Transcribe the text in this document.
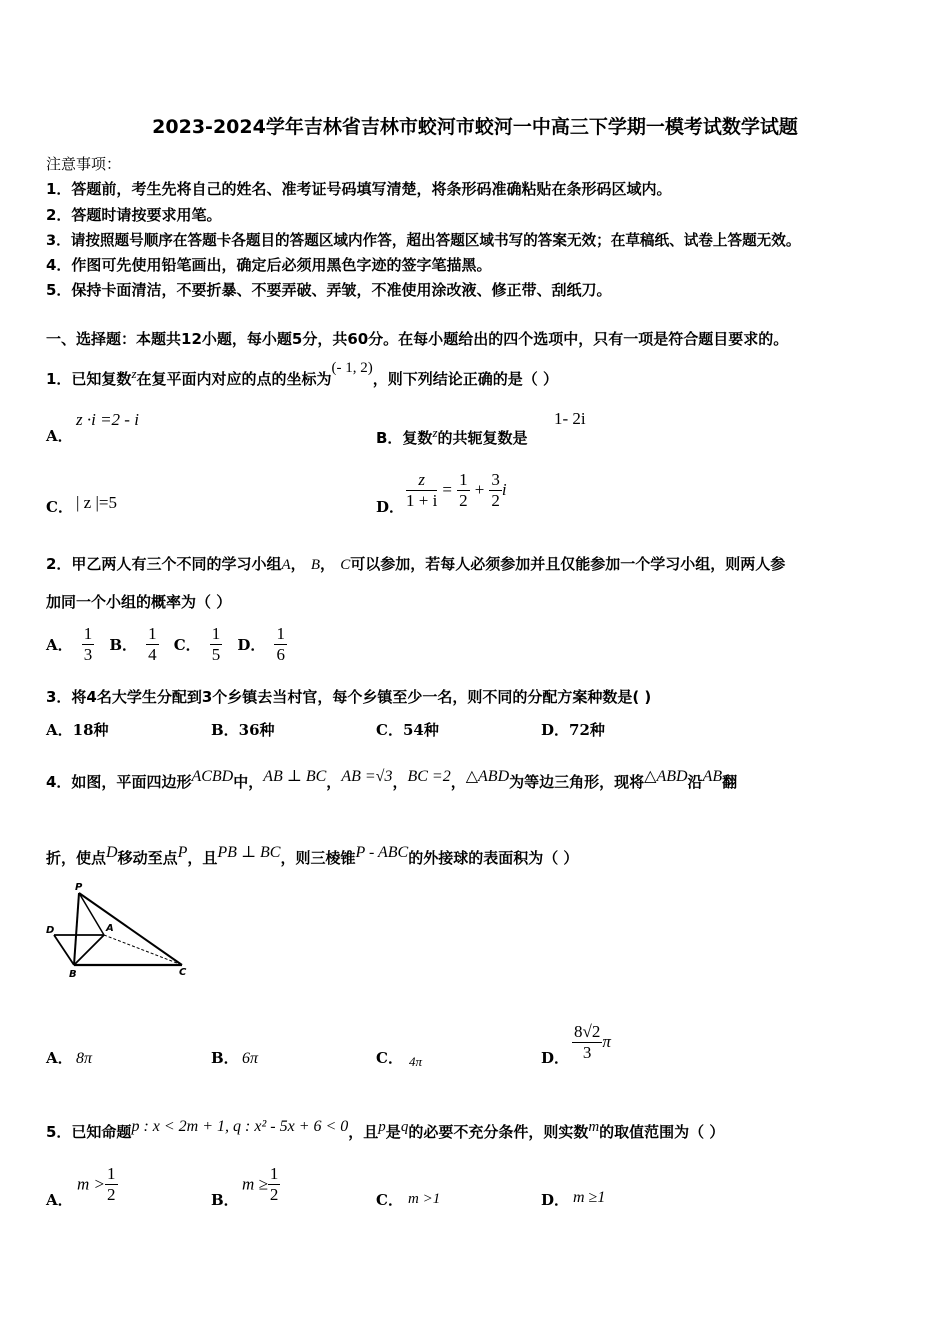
2023-2024学年吉林省吉林市蛟河市蛟河一中高三下学期一模考试数学试题
注意事项：
1．答题前，考生先将自己的姓名、准考证号码填写清楚，将条形码准确粘贴在条形码区域内。
2．答题时请按要求用笔。
3．请按照题号顺序在答题卡各题目的答题区域内作答，超出答题区域书写的答案无效；在草稿纸、试卷上答题无效。
4．作图可先使用铅笔画出，确定后必须用黑色字迹的签字笔描黑。
5．保持卡面清洁，不要折暴、不要弄破、弄皱，不准使用涂改液、修正带、刮纸刀。
一、选择题：本题共12小题，每小题5分，共60分。在每小题给出的四个选项中，只有一项是符合题目要求的。
1．已知复数$^z$在复平面内对应的点的坐标为$^{(- 1, 2)}$，则下列结论正确的是（ ）
A．
z ·i =2 - i
B．复数$^z$的共轭复数是
1- 2i
C． | z |=5	D． $\frac{z}{1 + i} = \frac{1}{2} + \frac{3}{2}$ i
2．甲乙两人有三个不同的学习小组A， B， C可以参加，若每人必须参加并且仅能参加一个学习小组，则两人参
加同一个小组的概率为（ ）
A． $\frac{1}{3}$ B． $\frac{1}{4}$ C． $\frac{1}{5}$ D． $\frac{1}{6}$
3．将4名大学生分配到3个乡镇去当村官，每个乡镇至少一名，则不同的分配方案种数是( )
A．18种	B．36种	C．54种	D．72种
4．如图，平面四边形$^{ACBD}$中，$^{AB \perp BC}$，$^{AB =√3}$，$^{BC =2}$，$^{\triangle ABD}$为等边三角形，现将$^{\triangle ABD}$沿$^{AB}$翻
折，使点$^D$移动至点$^P$，且$^{PB \perp BC}$，则三棱锥$^{P - ABC}$的外接球的表面积为（ ）
P
D	A
B	C
A． 8π	B． 6π	C． 4π	D． $\frac{8√2}{3}$ π
5．已知命题$^{p : x < 2m + 1, q : x^2 - 5x + 6 < 0}$，且$^p$是$^q$的必要不充分条件，则实数$^m$的取值范围为（ ）
A．
$m > \frac{1}{2}$	B．
$m \ge \frac{1}{2}$	C． m >1	D． m ≥1
